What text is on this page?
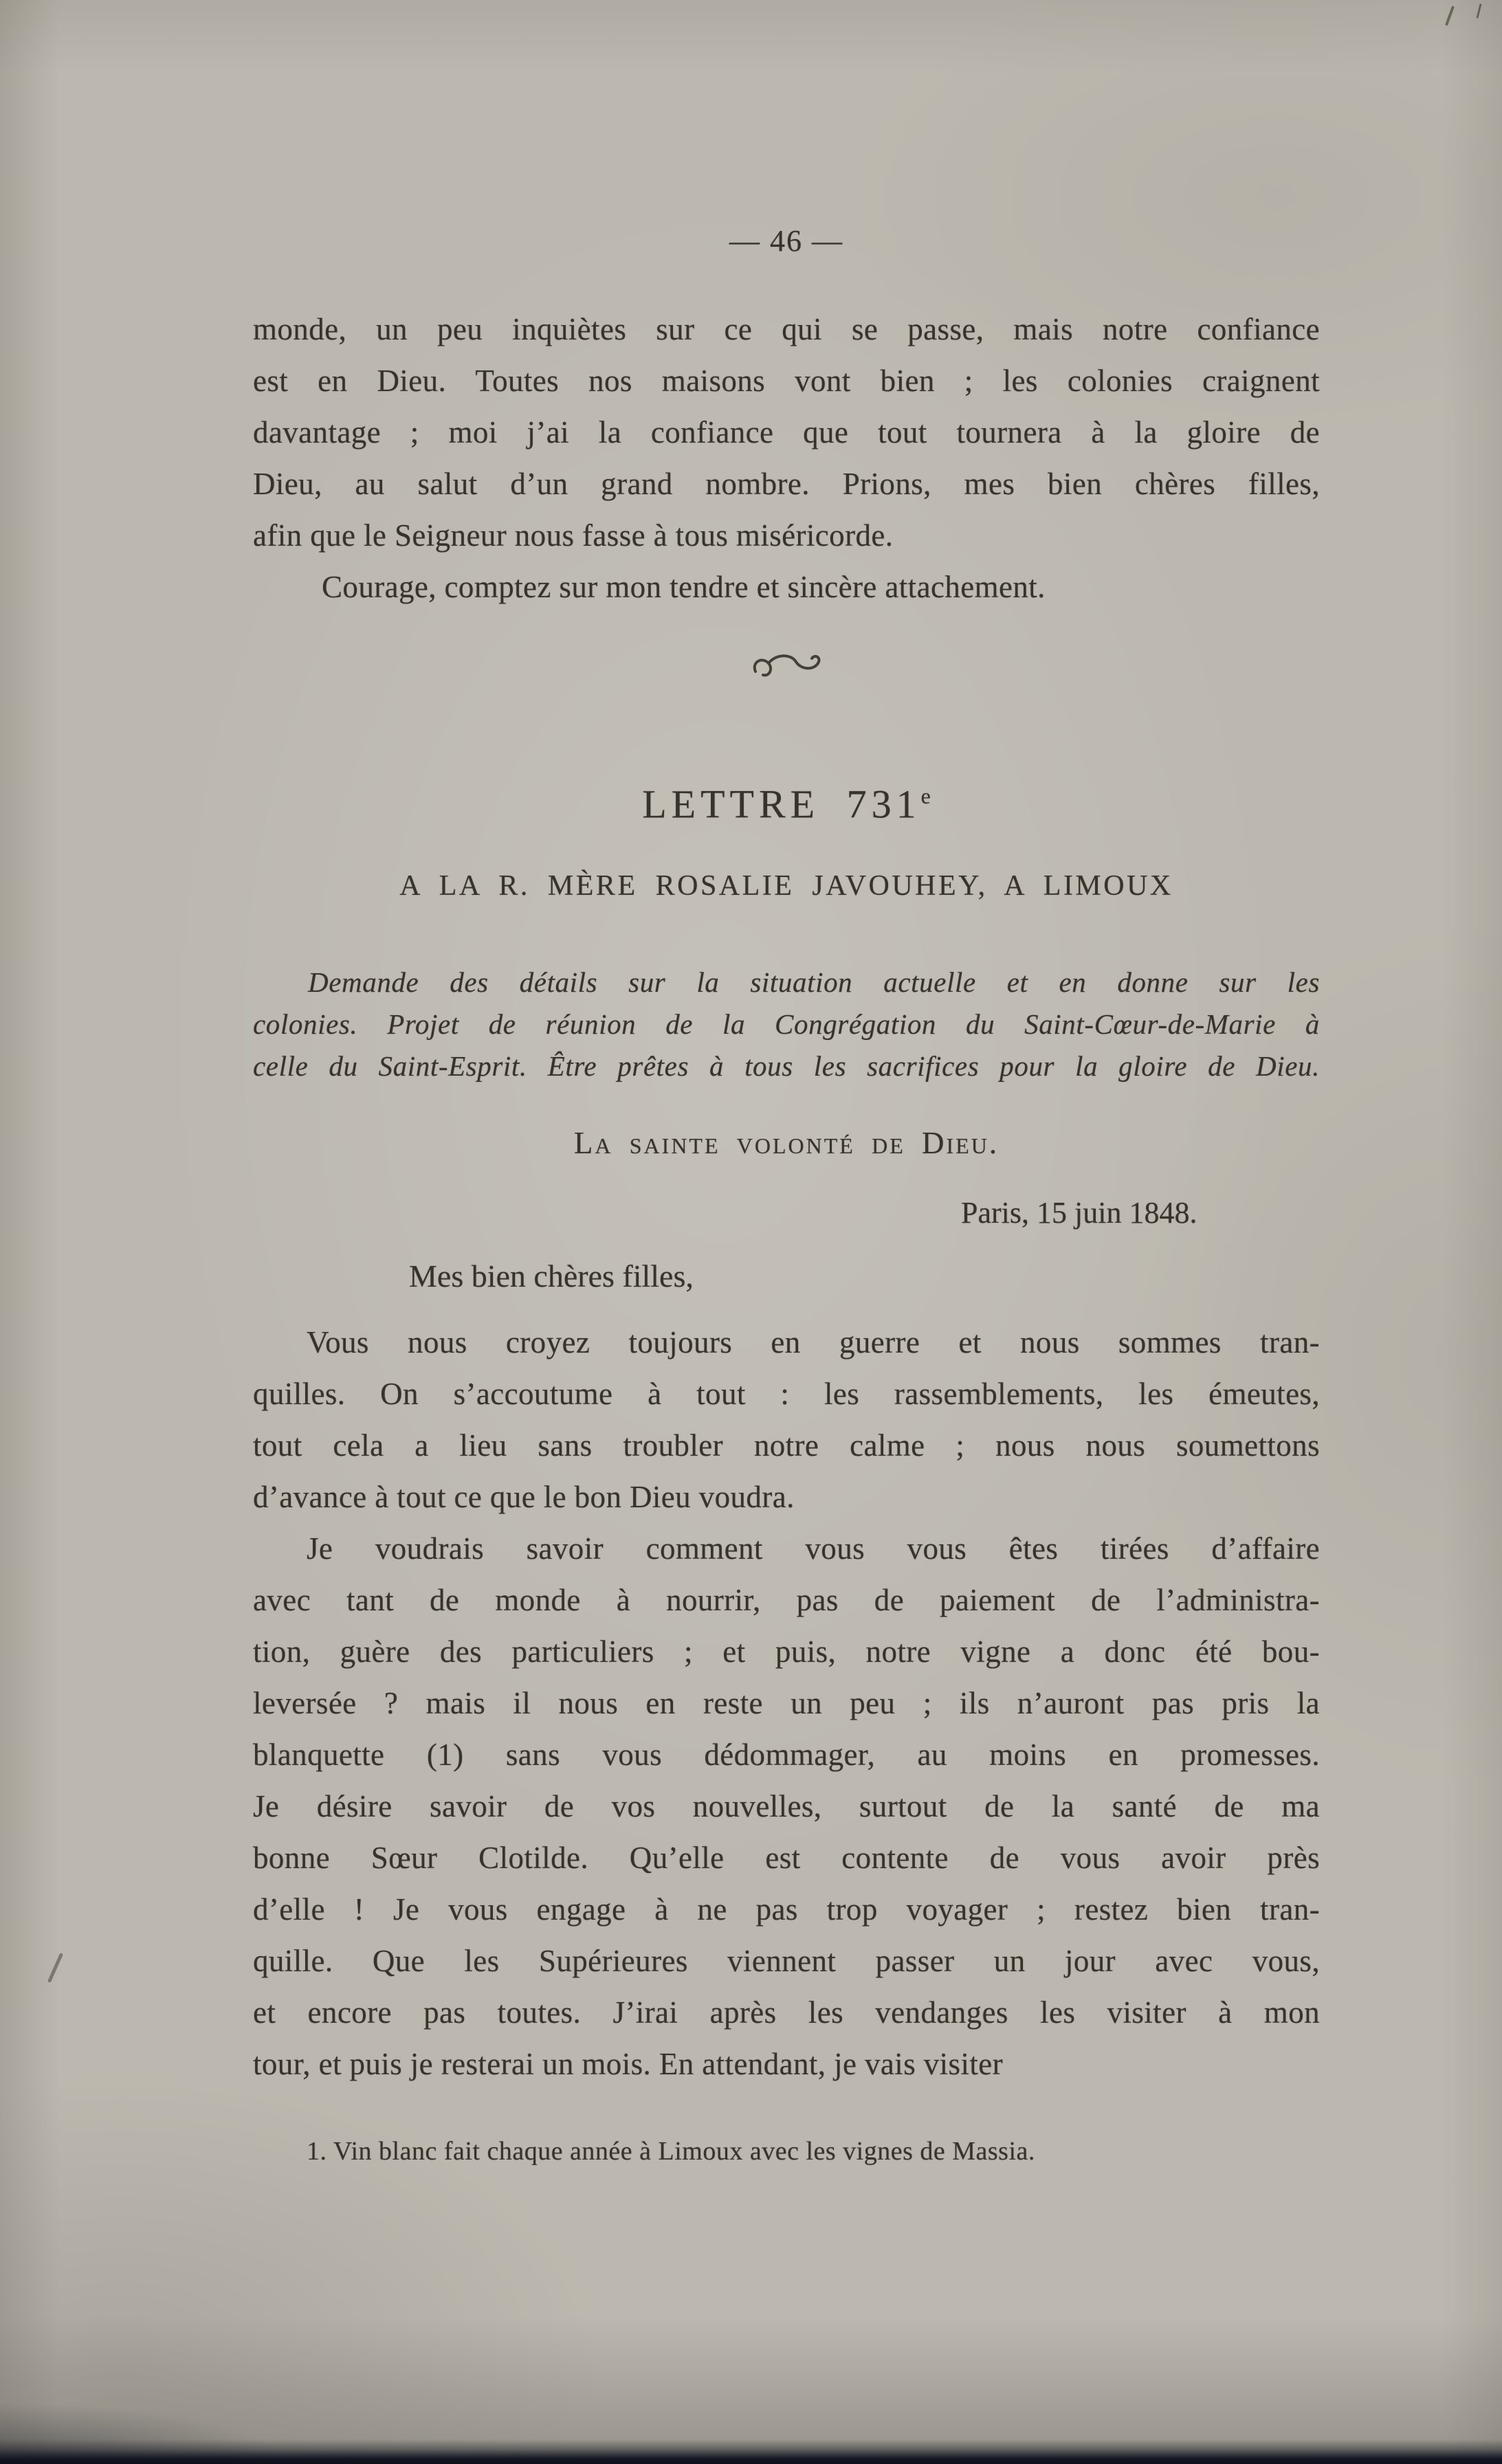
— 46 —
monde, un peu inquiètes sur ce qui se passe, mais notre confiance
est en Dieu. Toutes nos maisons vont bien ; les colonies craignent
davantage ; moi j’ai la confiance que tout tournera à la gloire de
Dieu, au salut d’un grand nombre. Prions, mes bien chères filles,
afin que le Seigneur nous fasse à tous miséricorde.
Courage, comptez sur mon tendre et sincère attachement.
LETTRE 731e
A LA R. MÈRE ROSALIE JAVOUHEY, A LIMOUX
Demande des détails sur la situation actuelle et en donne sur les
colonies. Projet de réunion de la Congrégation du Saint-Cœur-de-Marie à
celle du Saint-Esprit. Être prêtes à tous les sacrifices pour la gloire de Dieu.
La sainte volonté de Dieu.
Paris, 15 juin 1848.
Mes bien chères filles,
Vous nous croyez toujours en guerre et nous sommes tran-
quilles. On s’accoutume à tout : les rassemblements, les émeutes,
tout cela a lieu sans troubler notre calme ; nous nous soumettons
d’avance à tout ce que le bon Dieu voudra.
Je voudrais savoir comment vous vous êtes tirées d’affaire
avec tant de monde à nourrir, pas de paiement de l’administra-
tion, guère des particuliers ; et puis, notre vigne a donc été bou-
leversée ? mais il nous en reste un peu ; ils n’auront pas pris la
blanquette (1) sans vous dédommager, au moins en promesses.
Je désire savoir de vos nouvelles, surtout de la santé de ma
bonne Sœur Clotilde. Qu’elle est contente de vous avoir près
d’elle ! Je vous engage à ne pas trop voyager ; restez bien tran-
quille. Que les Supérieures viennent passer un jour avec vous,
et encore pas toutes. J’irai après les vendanges les visiter à mon
tour, et puis je resterai un mois. En attendant, je vais visiter
1. Vin blanc fait chaque année à Limoux avec les vignes de Massia.
